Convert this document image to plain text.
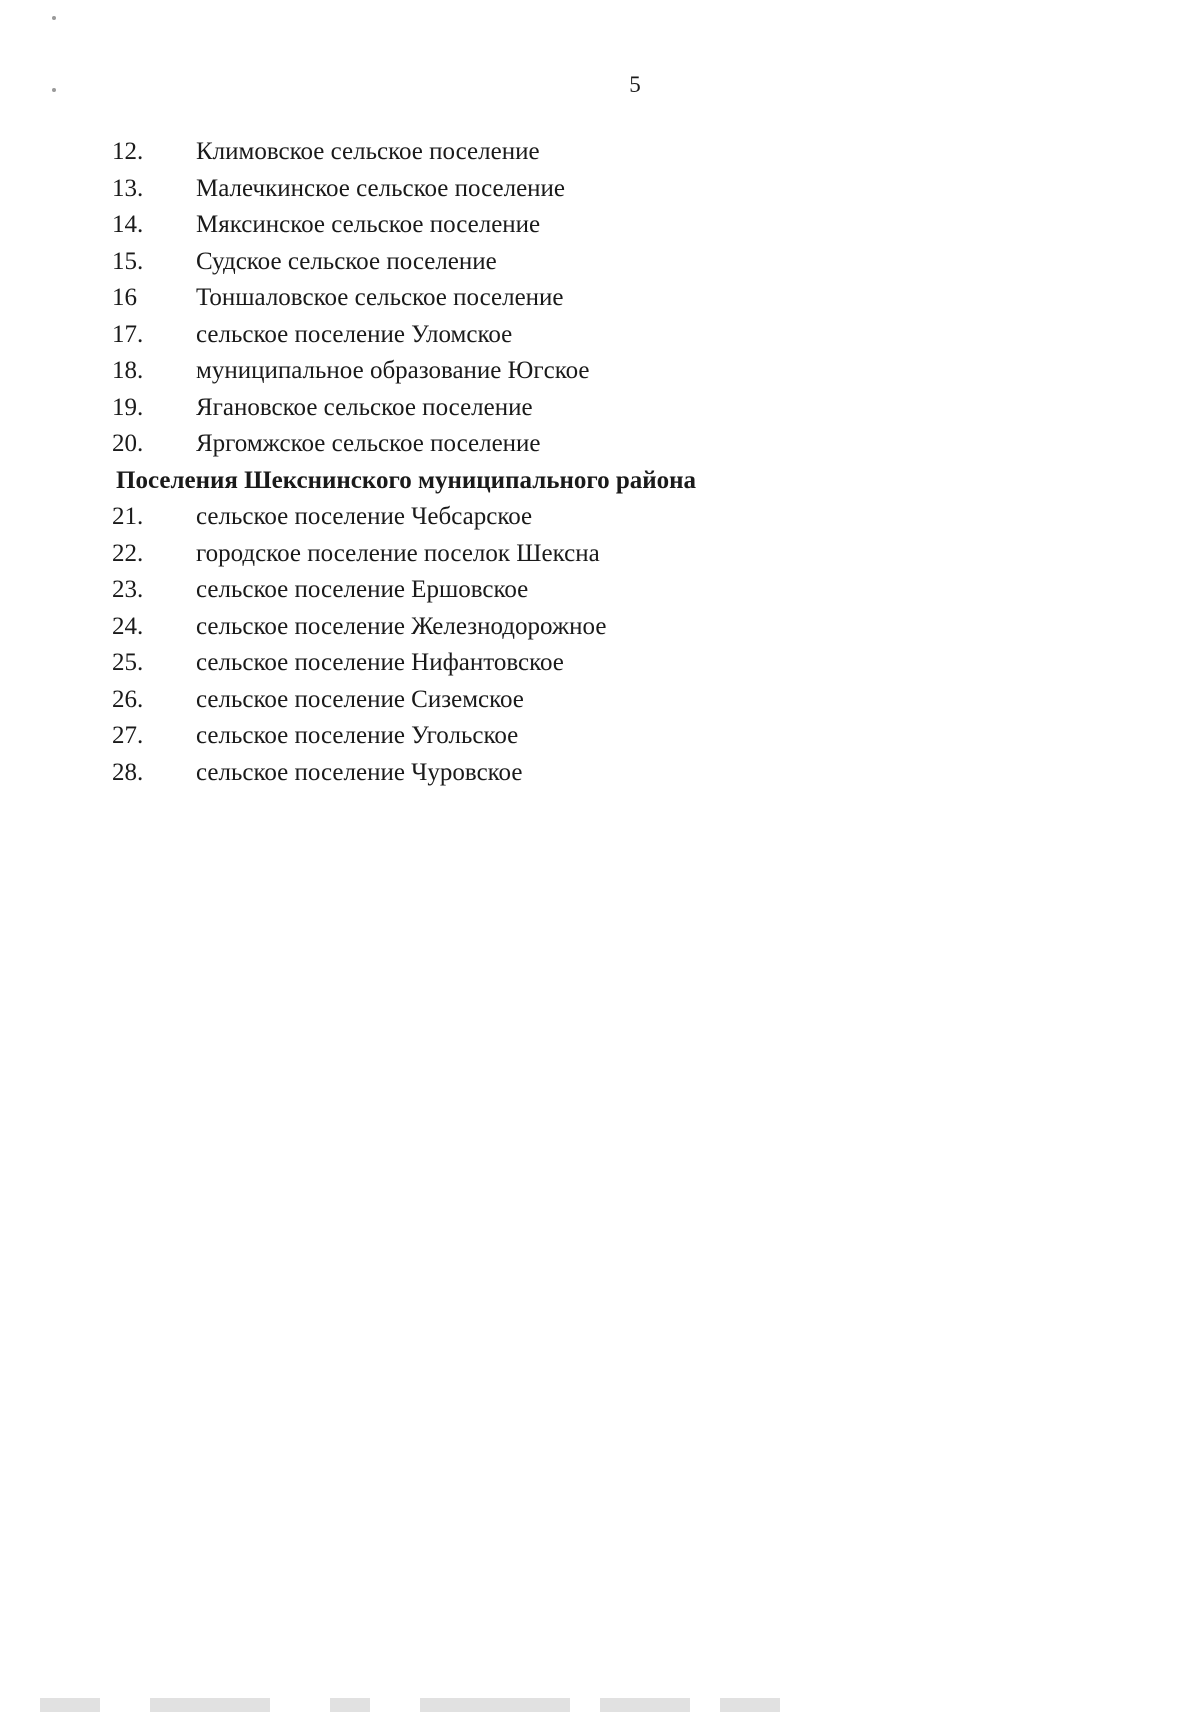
5
12.	Климовское сельское поселение
13.	Малечкинское сельское поселение
14.	Мяксинское сельское поселение
15.	Судское сельское поселение
16	Тоншаловское сельское поселение
17.	сельское поселение Уломское
18.	муниципальное образование Югское
19.	Ягановское сельское поселение
20.	Яргомжское сельское поселение
Поселения Шекснинского муниципального района
21.	сельское поселение Чебсарское
22.	городское поселение поселок Шексна
23.	сельское поселение Ершовское
24.	сельское поселение Железнодорожное
25.	сельское поселение Нифантовское
26.	сельское поселение Сиземское
27.	сельское поселение Угольское
28.	сельское поселение Чуровское
